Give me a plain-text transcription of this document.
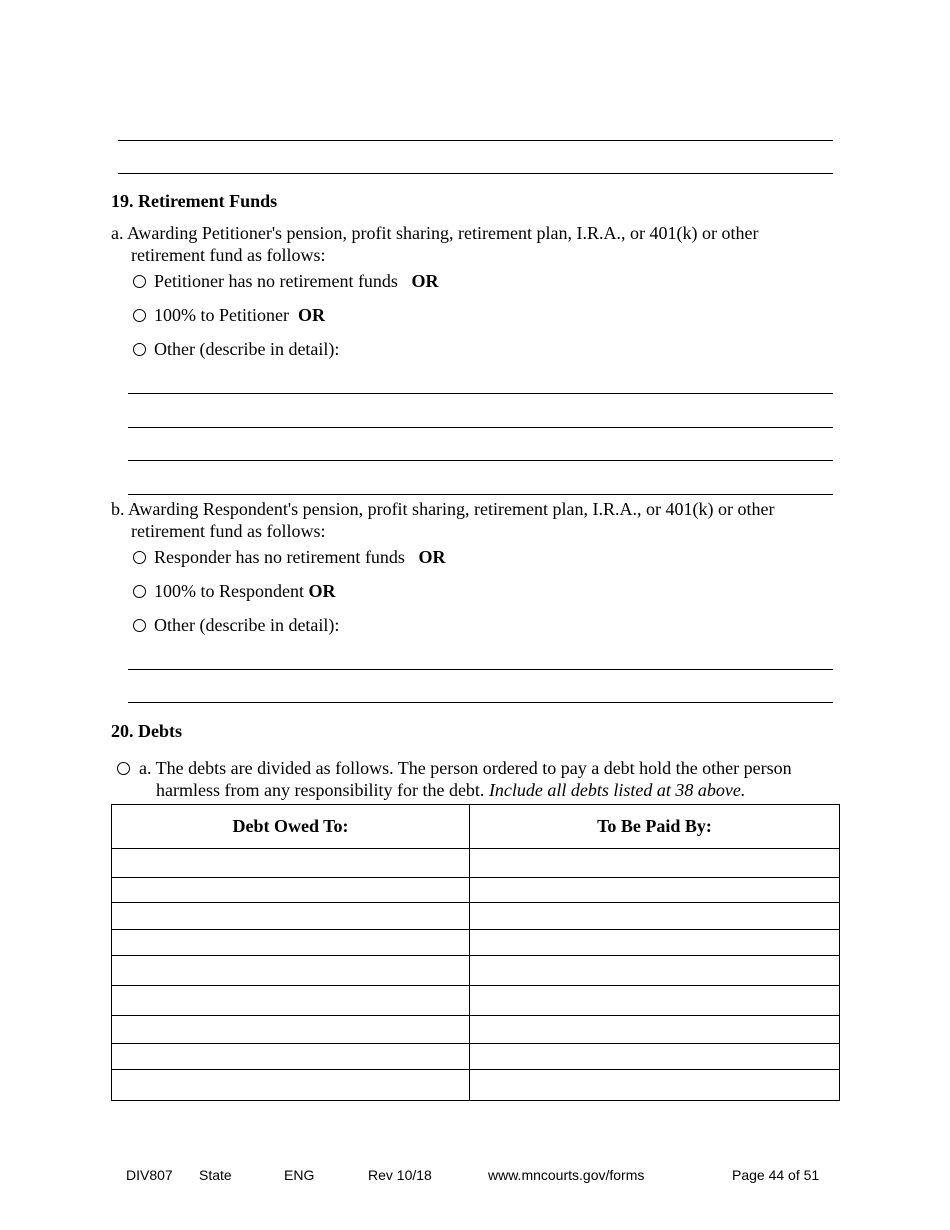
19. Retirement Funds
a. Awarding Petitioner's pension, profit sharing, retirement plan, I.R.A., or 401(k) or other
retirement fund as follows:
Petitioner has no retirement funds OR
100% to Petitioner OR
Other (describe in detail):
b. Awarding Respondent's pension, profit sharing, retirement plan, I.R.A., or 401(k) or other
retirement fund as follows:
Responder has no retirement funds OR
100% to Respondent OR
Other (describe in detail):
20. Debts
a. The debts are divided as follows. The person ordered to pay a debt hold the other person
harmless from any responsibility for the debt. Include all debts listed at 38 above.
Debt Owed To:	To Be Paid By:

DIV807 State	ENG	Rev 10/18	www.mncourts.gov/forms	Page 44 of 51
